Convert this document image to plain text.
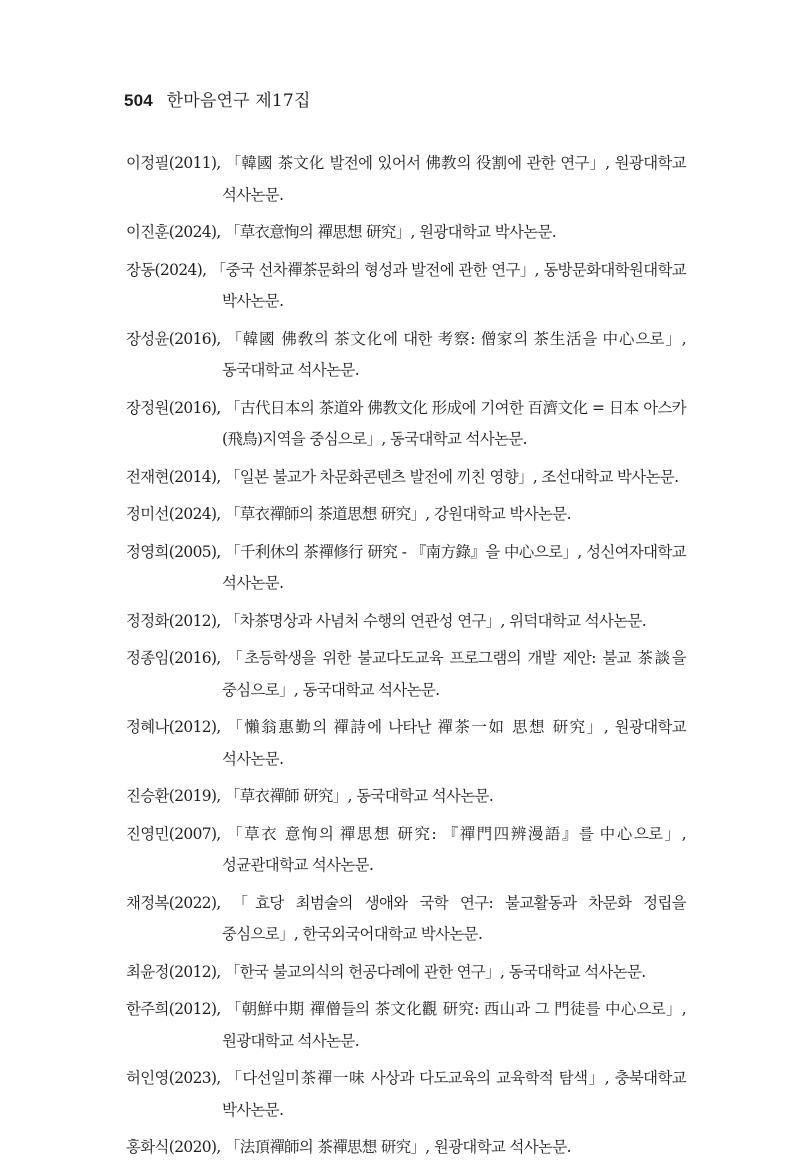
504 한마음연구 제17집
이정필(2011), 「韓國 茶文化 발전에 있어서 佛教의 役割에 관한 연구」, 원광대학교 석사논문.
이진훈(2024), 「草衣意恂의 禪思想 研究」, 원광대학교 박사논문.
장동(2024), 「중국 선차禪茶문화의 형성과 발전에 관한 연구」, 동방문화대학원대학교 박사논문.
장성윤(2016), 「韓國 佛敎의 茶文化에 대한 考察: 僧家의 茶生活을 中心으로」, 동국대학교 석사논문.
장정원(2016), 「古代日本의 茶道와 佛教文化 形成에 기여한 百濟文化 = 日本 아스카(飛鳥)지역을 중심으로」, 동국대학교 석사논문.
전재현(2014), 「일본 불교가 차문화콘텐츠 발전에 끼친 영향」, 조선대학교 박사논문.
정미선(2024), 「草衣禪師의 茶道思想 研究」, 강원대학교 박사논문.
정영희(2005), 「千利休의 茶禪修行 研究 - 『南方錄』을 中心으로」, 성신여자대학교 석사논문.
정정화(2012), 「차茶명상과 사념처 수행의 연관성 연구」, 위덕대학교 석사논문.
정종임(2016), 「초등학생을 위한 불교다도교육 프로그램의 개발 제안: 불교 茶談을 중심으로」, 동국대학교 석사논문.
정혜나(2012), 「懶翁惠勤의 禪詩에 나타난 禪茶一如 思想 研究」, 원광대학교 석사논문.
진승환(2019), 「草衣禪師 研究」, 동국대학교 석사논문.
진영민(2007), 「草衣 意恂의 禪思想 研究: 『禪門四辨漫語』를 中心으로」, 성균관대학교 석사논문.
채정복(2022), 「효당 최범술의 생애와 국학 연구: 불교활동과 차문화 정립을 중심으로」, 한국외국어대학교 박사논문.
최윤정(2012), 「한국 불교의식의 헌공다례에 관한 연구」, 동국대학교 석사논문.
한주희(2012), 「朝鮮中期 禪僧들의 茶文化觀 研究: 西山과 그 門徒를 中心으로」, 원광대학교 석사논문.
허인영(2023), 「다선일미茶禪一味 사상과 다도교육의 교육학적 탐색」, 충북대학교 박사논문.
홍화식(2020), 「法頂禪師의 茶禪思想 研究」, 원광대학교 석사논문.
